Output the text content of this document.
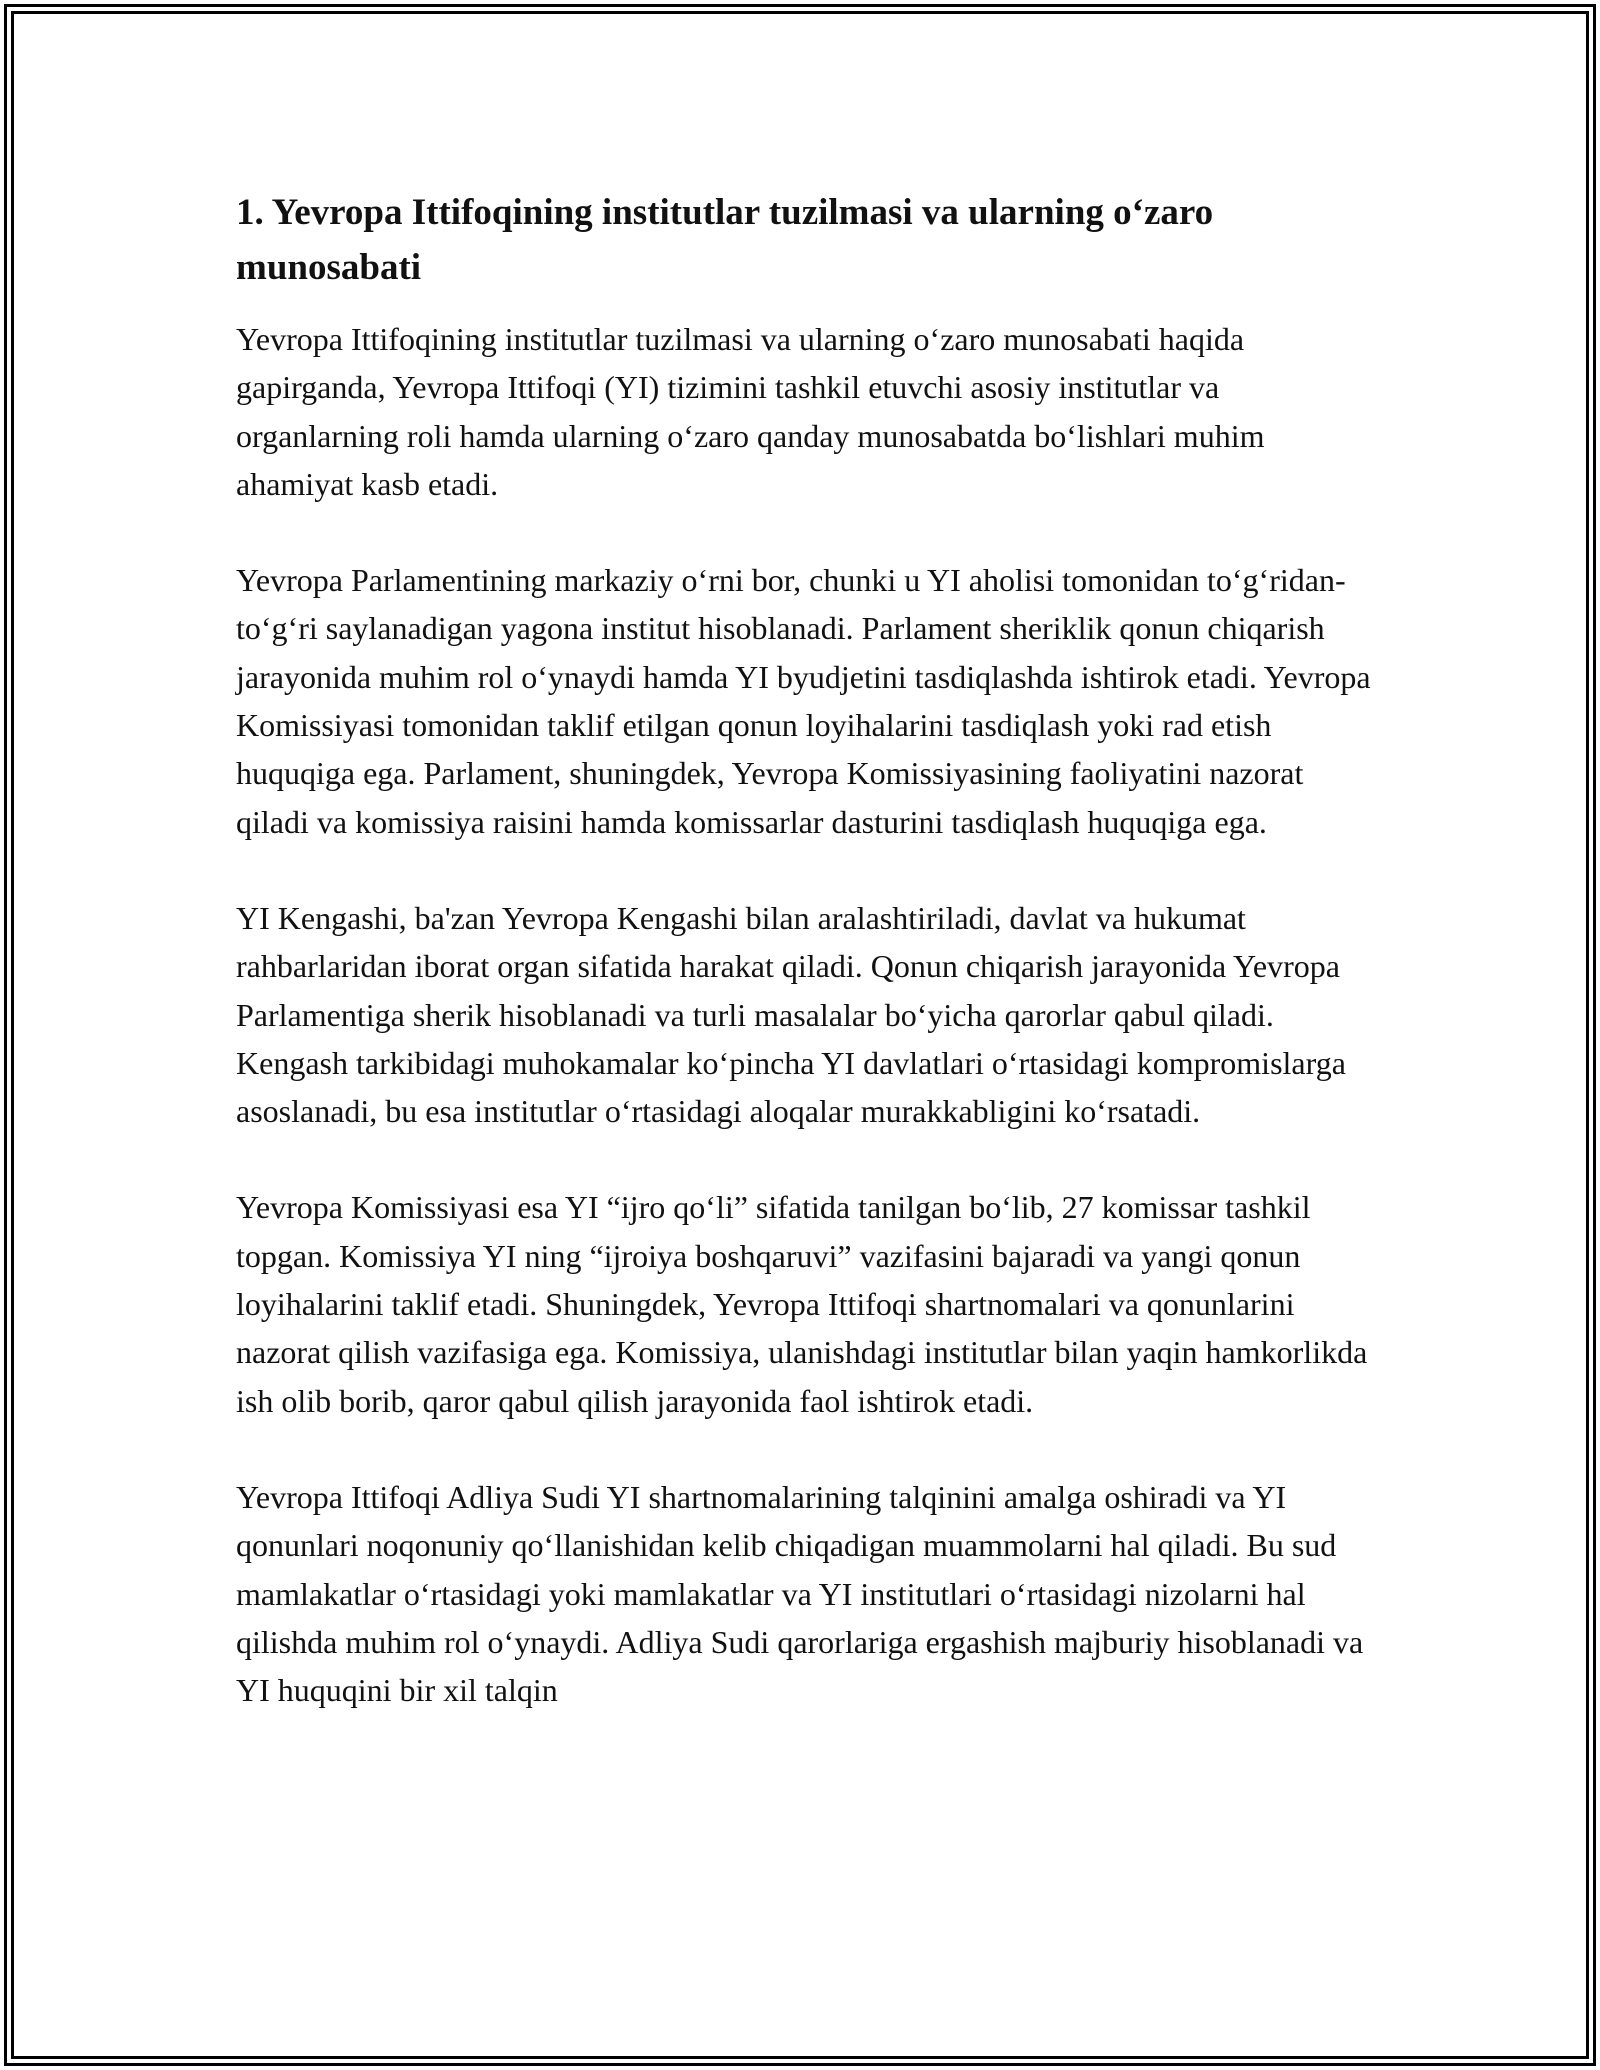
1. Yevropa Ittifoqining institutlar tuzilmasi va ularning o‘zaro munosabati

Yevropa Ittifoqining institutlar tuzilmasi va ularning o‘zaro munosabati haqida gapirganda, Yevropa Ittifoqi (YI) tizimini tashkil etuvchi asosiy institutlar va organlarning roli hamda ularning o‘zaro qanday munosabatda bo‘lishlari muhim ahamiyat kasb etadi.

Yevropa Parlamentining markaziy o‘rni bor, chunki u YI aholisi tomonidan to‘g‘ridan-to‘g‘ri saylanadigan yagona institut hisoblanadi. Parlament sheriklik qonun chiqarish jarayonida muhim rol o‘ynaydi hamda YI byudjetini tasdiqlashda ishtirok etadi. Yevropa Komissiyasi tomonidan taklif etilgan qonun loyihalarini tasdiqlash yoki rad etish huquqiga ega. Parlament, shuningdek, Yevropa Komissiyasining faoliyatini nazorat qiladi va komissiya raisini hamda komissarlar dasturini tasdiqlash huquqiga ega.

YI Kengashi, ba'zan Yevropa Kengashi bilan aralashtiriladi, davlat va hukumat rahbarlaridan iborat organ sifatida harakat qiladi. Qonun chiqarish jarayonida Yevropa Parlamentiga sherik hisoblanadi va turli masalalar bo‘yicha qarorlar qabul qiladi. Kengash tarkibidagi muhokamalar ko‘pincha YI davlatlari o‘rtasidagi kompromislarga asoslanadi, bu esa institutlar o‘rtasidagi aloqalar murakkabligini ko‘rsatadi.

Yevropa Komissiyasi esa YI “ijro qo‘li” sifatida tanilgan bo‘lib, 27 komissar tashkil topgan. Komissiya YI ning “ijroiya boshqaruvi” vazifasini bajaradi va yangi qonun loyihalarini taklif etadi. Shuningdek, Yevropa Ittifoqi shartnomalari va qonunlarini nazorat qilish vazifasiga ega. Komissiya, ulanishdagi institutlar bilan yaqin hamkorlikda ish olib borib, qaror qabul qilish jarayonida faol ishtirok etadi.

Yevropa Ittifoqi Adliya Sudi YI shartnomalarining talqinini amalga oshiradi va YI qonunlari noqonuniy qo‘llanishidan kelib chiqadigan muammolarni hal qiladi. Bu sud mamlakatlar o‘rtasidagi yoki mamlakatlar va YI institutlari o‘rtasidagi nizolarni hal qilishda muhim rol o‘ynaydi. Adliya Sudi qarorlariga ergashish majburiy hisoblanadi va YI huquqini bir xil talqin
